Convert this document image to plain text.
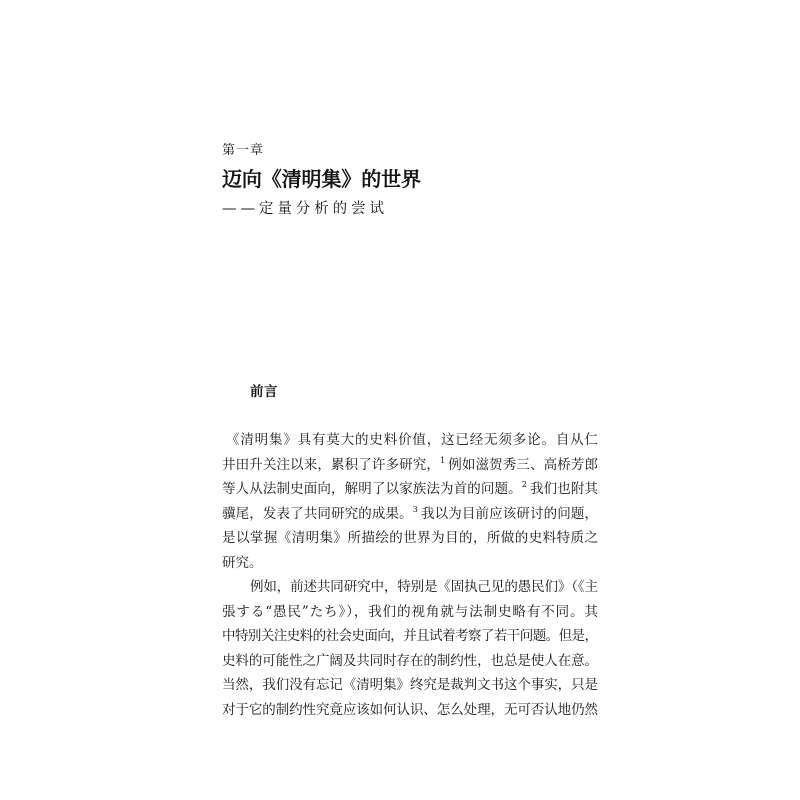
第一章
迈向《清明集》的世界
——定量分析的尝试
前言
《清明集》具有莫大的史料价值，这已经无须多论。自从仁
井田升关注以来，累积了许多研究，$^1$ 例如滋贺秀三、高桥芳郎
等人从法制史面向，解明了以家族法为首的问题。$^2$ 我们也附其
骥尾，发表了共同研究的成果。$^3$ 我以为目前应该研讨的问题，
是以掌握《清明集》所描绘的世界为目的，所做的史料特质之
研究。
例如，前述共同研究中，特别是《固执己见的愚民们》（《主
張する“愚民”たち》），我们的视角就与法制史略有不同。其
中特别关注史料的社会史面向，并且试着考察了若干问题。但是，
史料的可能性之广阔及共同时存在的制约性，也总是使人在意。
当然，我们没有忘记《清明集》终究是裁判文书这个事实，只是
对于它的制约性究竟应该如何认识、怎么处理，无可否认地仍然
